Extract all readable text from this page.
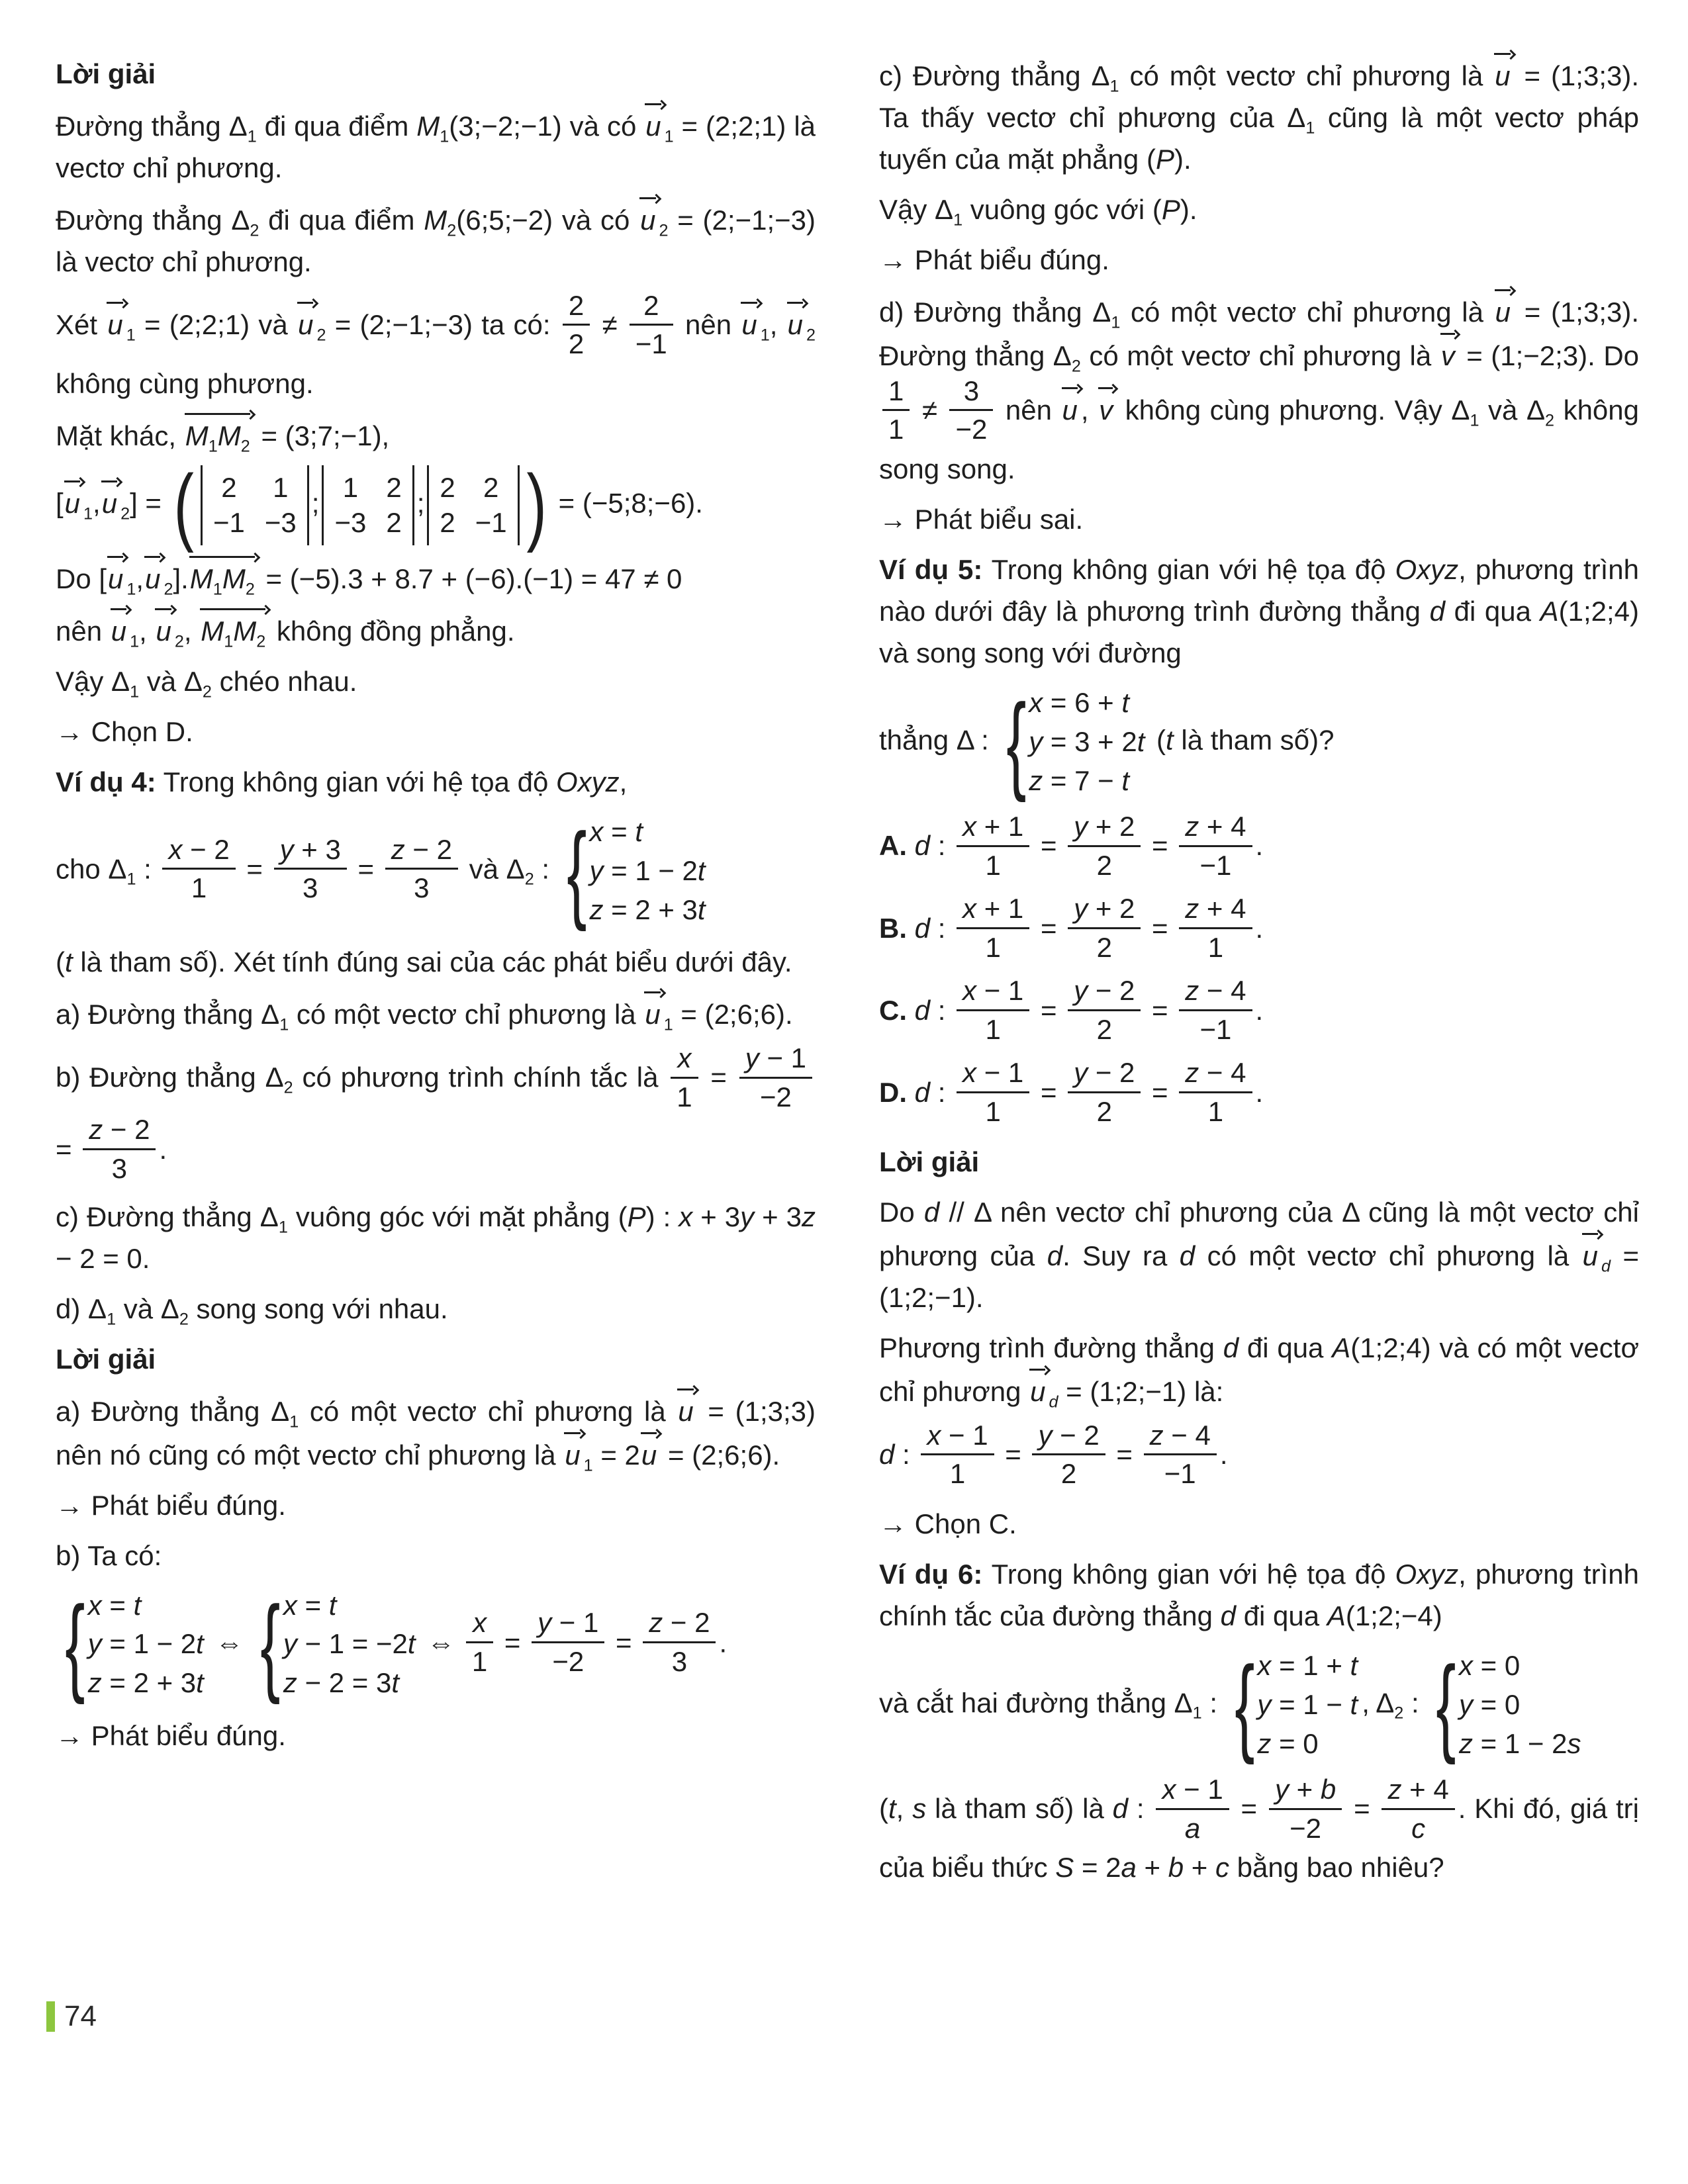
Lời giải

Đường thẳng $\Delta_1$ đi qua điểm $M_1(3;-2;-1)$ và có u $_1$ = (2;2;1) là vectơ chỉ phương.

Đường thẳng $\Delta_2$ đi qua điểm $M_2(6;5;-2)$ và có u $_2$ = (2;−1;−3) là vectơ chỉ phương.

Xét u $_1$ = (2;2;1) và u $_2$ = (2;−1;−3) ta có: $\frac{2}{2} \ne \frac{2}{-1}$ nên u $_1$, u $_2$ không cùng phương.

Mặt khác, $M_1M_2$ = (3;7;−1),

[u $_1$,u $_2$] = ( 2 1
−1 −3
;
1 2
−3 2
;
2 2
2 −1 ) = (−5;8;−6).

Do [u $_1$,u $_2].M_1M_2 = (-5).3 + 8.7 + (-6).(-1) = 47 \ne 0$

nên u $_1$, u $_2$, $M_1M_2$ không đồng phẳng.

Vậy $\Delta_1$ và $\Delta_2$ chéo nhau.

→ Chọn D.

Ví dụ 4: Trong không gian với hệ tọa độ Oxyz,

cho $\Delta_1$ : $\frac{x - 2}{1} = \frac{y + 3}{3} = \frac{z - 2}{3}$ và $\Delta_2$ : { x = t
y = 1 − 2t
z = 2 + 3t

(t là tham số). Xét tính đúng sai của các phát biểu dưới đây.

a) Đường thẳng $\Delta_1$ có một vectơ chỉ phương là u $_1$ = (2;6;6).

b) Đường thẳng $\Delta_2$ có phương trình chính tắc là $\frac{x}{1} = \frac{y - 1}{-2}$
= $\frac{z - 2}{3}$ .

c) Đường thẳng $\Delta_1$ vuông góc với mặt phẳng (P) : x + 3y + 3z − 2 = 0.

d) $\Delta_1$ và $\Delta_2$ song song với nhau.

Lời giải

a) Đường thẳng $\Delta_1$ có một vectơ chỉ phương là u = (1;3;3) nên nó cũng có một vectơ chỉ phương là u $_1$ = 2u = (2;6;6).

→ Phát biểu đúng.

b) Ta có:

{ x = t
y = 1 − 2t
z = 2 + 3t
⇔ { x = t
y − 1 = −2t
z − 2 = 3t
⇔ $\frac{x}{1} = \frac{y - 1}{-2} = \frac{z - 2}{3}$ .

→ Phát biểu đúng.

c) Đường thẳng $\Delta_1$ có một vectơ chỉ phương là u = (1;3;3). Ta thấy vectơ chỉ phương của $\Delta_1$ cũng là một vectơ pháp tuyến của mặt phẳng (P).

Vậy $\Delta_1$ vuông góc với (P).

→ Phát biểu đúng.

d) Đường thẳng $\Delta_1$ có một vectơ chỉ phương là u = (1;3;3). Đường thẳng $\Delta_2$ có một vectơ chỉ phương là v = (1;−2;3). Do
$\frac{1}{1} \ne \frac{3}{-2}$ nên u , v không cùng phương. Vậy $\Delta_1$ và $\Delta_2$ không song song.

→ Phát biểu sai.

Ví dụ 5: Trong không gian với hệ tọa độ Oxyz, phương trình nào dưới đây là phương trình đường thẳng d đi qua A(1;2;4) và song song với đường

thẳng Δ : { x = 6 + t
y = 3 + 2t
z = 7 − t
(t là tham số)?

A. d : $\frac{x + 1}{1} = \frac{y + 2}{2} = \frac{z + 4}{-1}$ .

B. d : $\frac{x + 1}{1} = \frac{y + 2}{2} = \frac{z + 4}{1}$ .

C. d : $\frac{x - 1}{1} = \frac{y - 2}{2} = \frac{z - 4}{-1}$ .

D. d : $\frac{x - 1}{1} = \frac{y - 2}{2} = \frac{z - 4}{1}$ .

Lời giải

Do d // Δ nên vectơ chỉ phương của Δ cũng là một vectơ chỉ phương của d. Suy ra d có một vectơ chỉ phương là u $_d$ = (1;2;−1).

Phương trình đường thẳng d đi qua A(1;2;4) và có một vectơ chỉ phương u $_d$ = (1;2;−1) là:

d : $\frac{x - 1}{1} = \frac{y - 2}{2} = \frac{z - 4}{-1}$ .

→ Chọn C.

Ví dụ 6: Trong không gian với hệ tọa độ Oxyz, phương trình chính tắc của đường thẳng d đi qua A(1;2;−4)

và cắt hai đường thẳng $\Delta_1$ : { x = 1 + t
y = 1 − t
z = 0
, $\Delta_2$ : { x = 0
y = 0
z = 1 − 2s

(t, s là tham số) là d : $\frac{x - 1}{a} = \frac{y + b}{-2} = \frac{z + 4}{c}$ . Khi đó, giá trị của biểu thức S = 2a + b + c bằng bao nhiêu?

74
